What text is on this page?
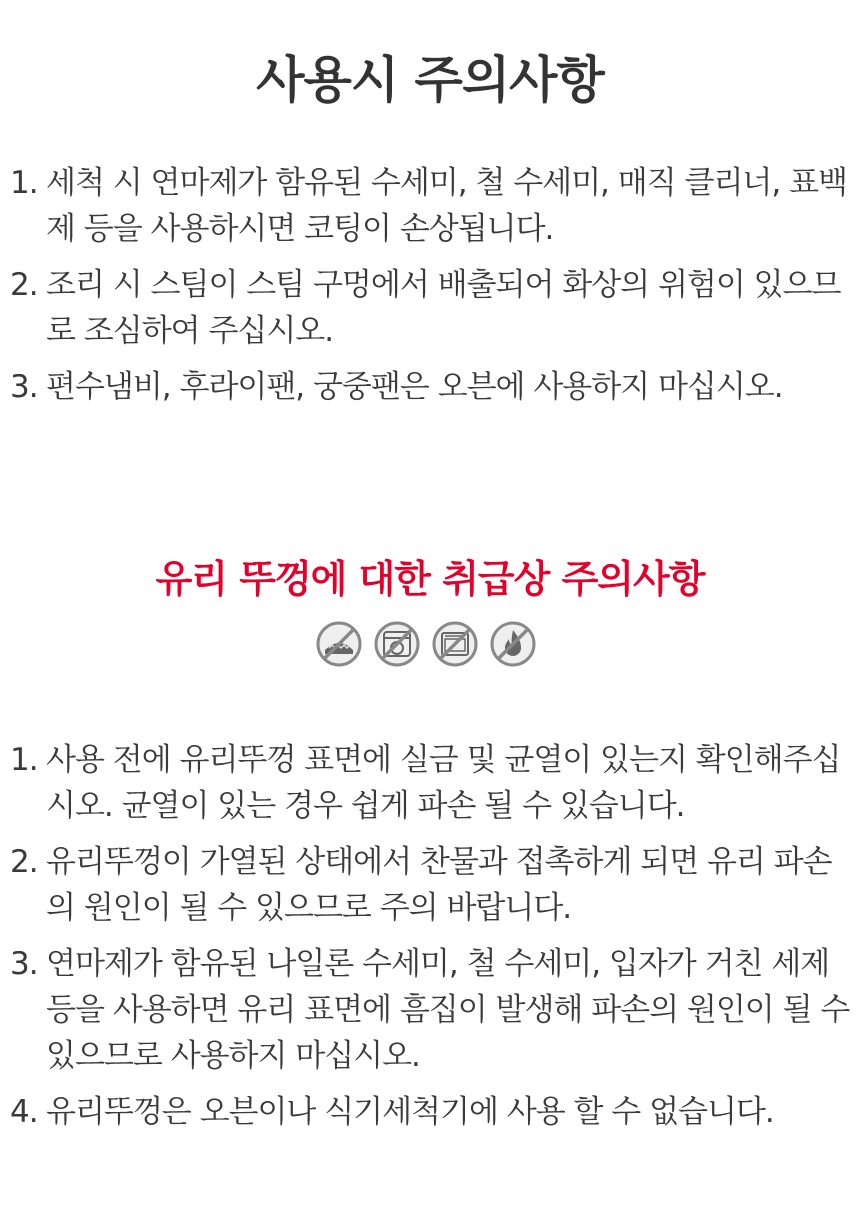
사용시 주의사항
1. 세척 시 연마제가 함유된 수세미, 철 수세미, 매직 클리너, 표백제 등을 사용하시면 코팅이 손상됩니다.
2. 조리 시 스팀이 스팀 구멍에서 배출되어 화상의 위험이 있으므로 조심하여 주십시오.
3. 편수냄비, 후라이팬, 궁중팬은 오븐에 사용하지 마십시오.
유리 뚜껑에 대한 취급상 주의사항
1. 사용 전에 유리뚜껑 표면에 실금 및 균열이 있는지 확인해주십시오. 균열이 있는 경우 쉽게 파손 될 수 있습니다.
2. 유리뚜껑이 가열된 상태에서 찬물과 접촉하게 되면 유리 파손의 원인이 될 수 있으므로 주의 바랍니다.
3. 연마제가 함유된 나일론 수세미, 철 수세미, 입자가 거친 세제 등을 사용하면 유리 표면에 흠집이 발생해 파손의 원인이 될 수 있으므로 사용하지 마십시오.
4. 유리뚜껑은 오븐이나 식기세척기에 사용 할 수 없습니다.
